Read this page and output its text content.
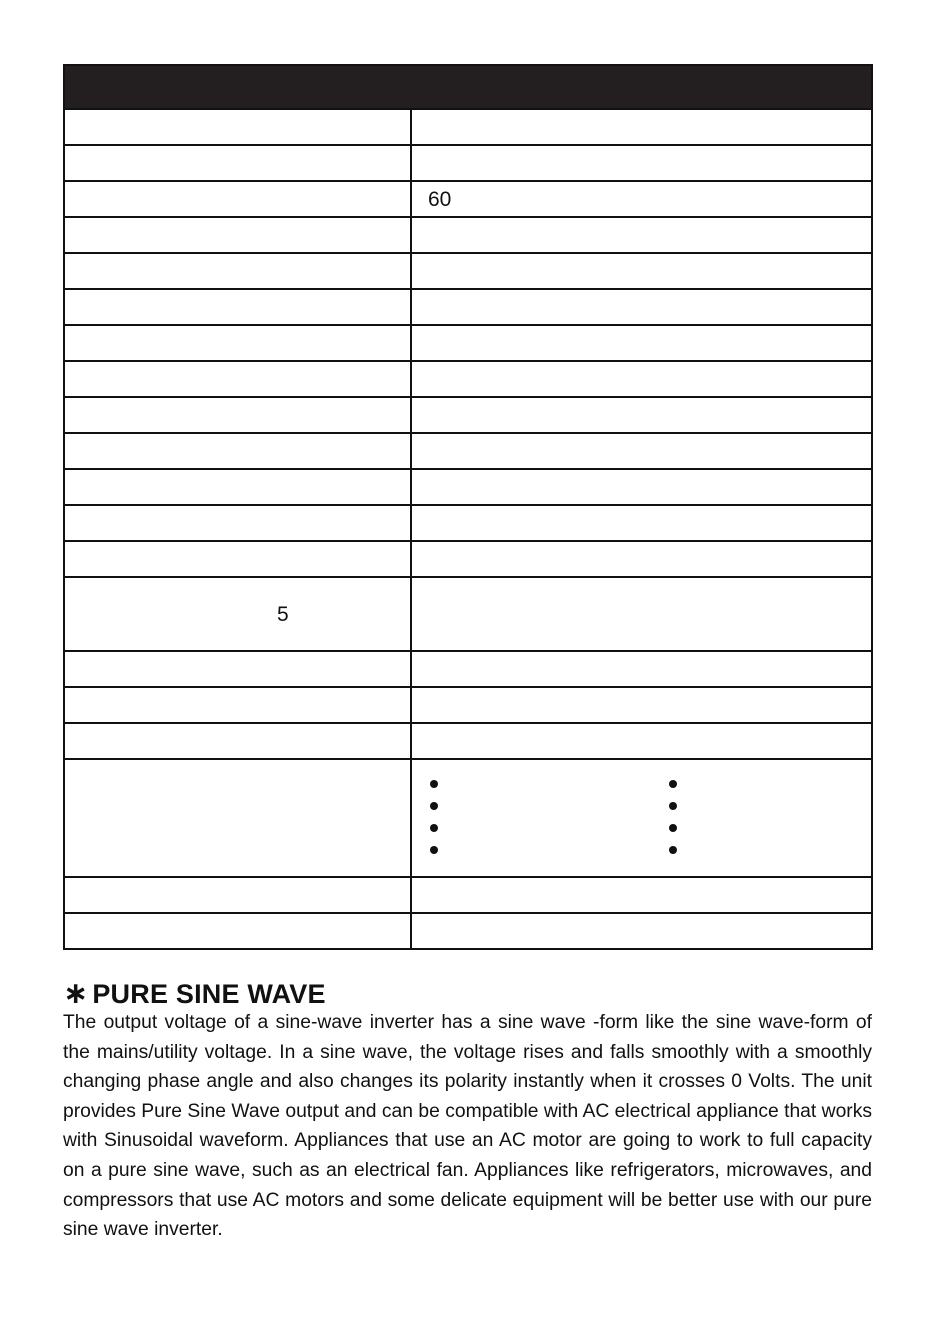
60
5
∗ PURE SINE WAVE
The output voltage of a sine-wave inverter has a sine wave -form like the sine wave-form of the mains/utility voltage. In a sine wave, the voltage rises and falls smoothly with a smoothly changing phase angle and also changes its polarity instantly when it crosses 0 Volts. The unit provides Pure Sine Wave output and can be compatible with AC electrical appliance that works with Sinusoidal waveform. Appliances that use an AC motor are going to work to full capacity on a pure sine wave, such as an electrical fan. Appliances like refrigerators, microwaves, and compressors that use AC motors and some delicate equipment will be better use with our pure sine wave inverter.
